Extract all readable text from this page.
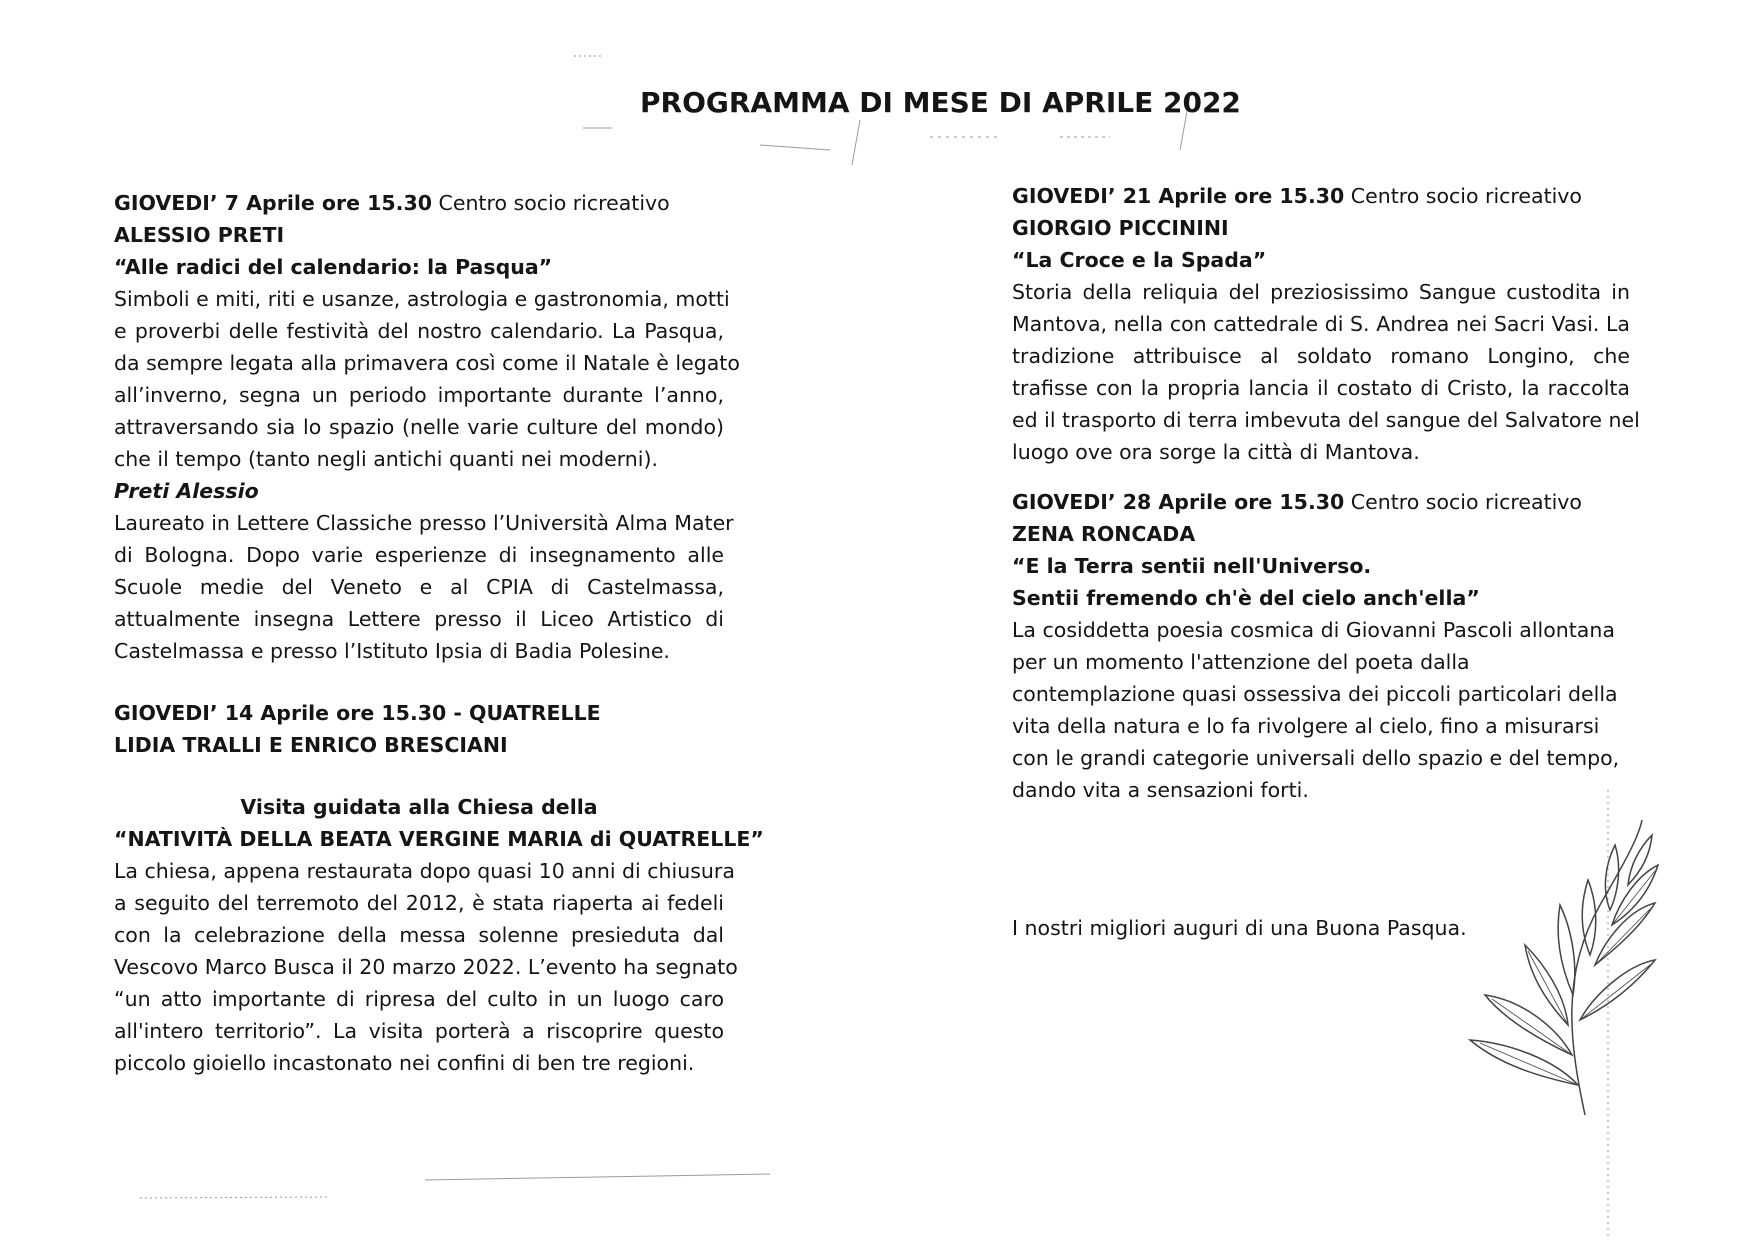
PROGRAMMA DI MESE DI APRILE 2022
GIOVEDI’ 7 Aprile ore 15.30 Centro socio ricreativo
ALESSIO PRETI
“Alle radici del calendario: la Pasqua”
Simboli e miti, riti e usanze, astrologia e gastronomia, motti
e proverbi delle festività del nostro calendario. La Pasqua,
da sempre legata alla primavera così come il Natale è legato
all’inverno, segna un periodo importante durante l’anno,
attraversando sia lo spazio (nelle varie culture del mondo)
che il tempo (tanto negli antichi quanti nei moderni).
Preti Alessio
Laureato in Lettere Classiche presso l’Università Alma Mater
di Bologna. Dopo varie esperienze di insegnamento alle
Scuole medie del Veneto e al CPIA di Castelmassa,
attualmente insegna Lettere presso il Liceo Artistico di
Castelmassa e presso l’Istituto Ipsia di Badia Polesine.
GIOVEDI’ 14 Aprile ore 15.30 - QUATRELLE
LIDIA TRALLI E ENRICO BRESCIANI
Visita guidata alla Chiesa della
“NATIVITÀ DELLA BEATA VERGINE MARIA di QUATRELLE”
La chiesa, appena restaurata dopo quasi 10 anni di chiusura
a seguito del terremoto del 2012, è stata riaperta ai fedeli
con la celebrazione della messa solenne presieduta dal
Vescovo Marco Busca il 20 marzo 2022. L’evento ha segnato
“un atto importante di ripresa del culto in un luogo caro
all'intero territorio”. La visita porterà a riscoprire questo
piccolo gioiello incastonato nei confini di ben tre regioni.
GIOVEDI’ 21 Aprile ore 15.30 Centro socio ricreativo
GIORGIO PICCININI
“La Croce e la Spada”
Storia della reliquia del preziosissimo Sangue custodita in
Mantova, nella con cattedrale di S. Andrea nei Sacri Vasi. La
tradizione attribuisce al soldato romano Longino, che
trafisse con la propria lancia il costato di Cristo, la raccolta
ed il trasporto di terra imbevuta del sangue del Salvatore nel
luogo ove ora sorge la città di Mantova.
GIOVEDI’ 28 Aprile ore 15.30 Centro socio ricreativo
ZENA RONCADA
“E la Terra sentii nell'Universo.
Sentii fremendo ch'è del cielo anch'ella”
La cosiddetta poesia cosmica di Giovanni Pascoli allontana
per un momento l'attenzione del poeta dalla
contemplazione quasi ossessiva dei piccoli particolari della
vita della natura e lo fa rivolgere al cielo, fino a misurarsi
con le grandi categorie universali dello spazio e del tempo,
dando vita a sensazioni forti.
I nostri migliori auguri di una Buona Pasqua.
